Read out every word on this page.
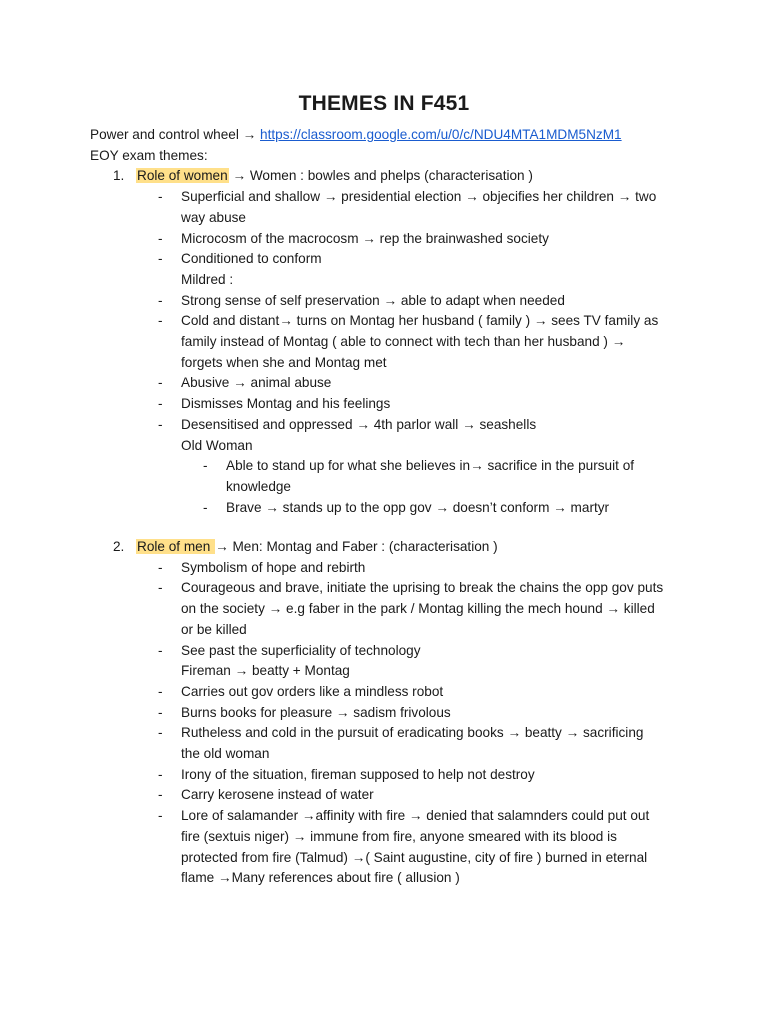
THEMES IN F451
Power and control wheel → https://classroom.google.com/u/0/c/NDU4MTA1MDM5NzM1
EOY exam themes:
1. Role of women → Women : bowles and phelps (characterisation )
- Superficial and shallow → presidential election → objecifies her children → two
way abuse
- Microcosm of the macrocosm → rep the brainwashed society
- Conditioned to conform
Mildred :
- Strong sense of self preservation → able to adapt when needed
- Cold and distant→ turns on Montag her husband ( family ) → sees TV family as
family instead of Montag ( able to connect with tech than her husband ) →
forgets when she and Montag met
- Abusive → animal abuse
- Dismisses Montag and his feelings
- Desensitised and oppressed → 4th parlor wall → seashells
Old Woman
- Able to stand up for what she believes in→ sacrifice in the pursuit of
knowledge
- Brave → stands up to the opp gov → doesn’t conform → martyr
2. Role of men → Men: Montag and Faber : (characterisation )
- Symbolism of hope and rebirth
- Courageous and brave, initiate the uprising to break the chains the opp gov puts
on the society → e.g faber in the park / Montag killing the mech hound → killed
or be killed
- See past the superficiality of technology
Fireman → beatty + Montag
- Carries out gov orders like a mindless robot
- Burns books for pleasure → sadism frivolous
- Rutheless and cold in the pursuit of eradicating books → beatty → sacrificing
the old woman
- Irony of the situation, fireman supposed to help not destroy
- Carry kerosene instead of water
- Lore of salamander →affinity with fire → denied that salamnders could put out
fire (sextuis niger) → immune from fire, anyone smeared with its blood is
protected from fire (Talmud) →( Saint augustine, city of fire ) burned in eternal
flame →Many references about fire ( allusion )
